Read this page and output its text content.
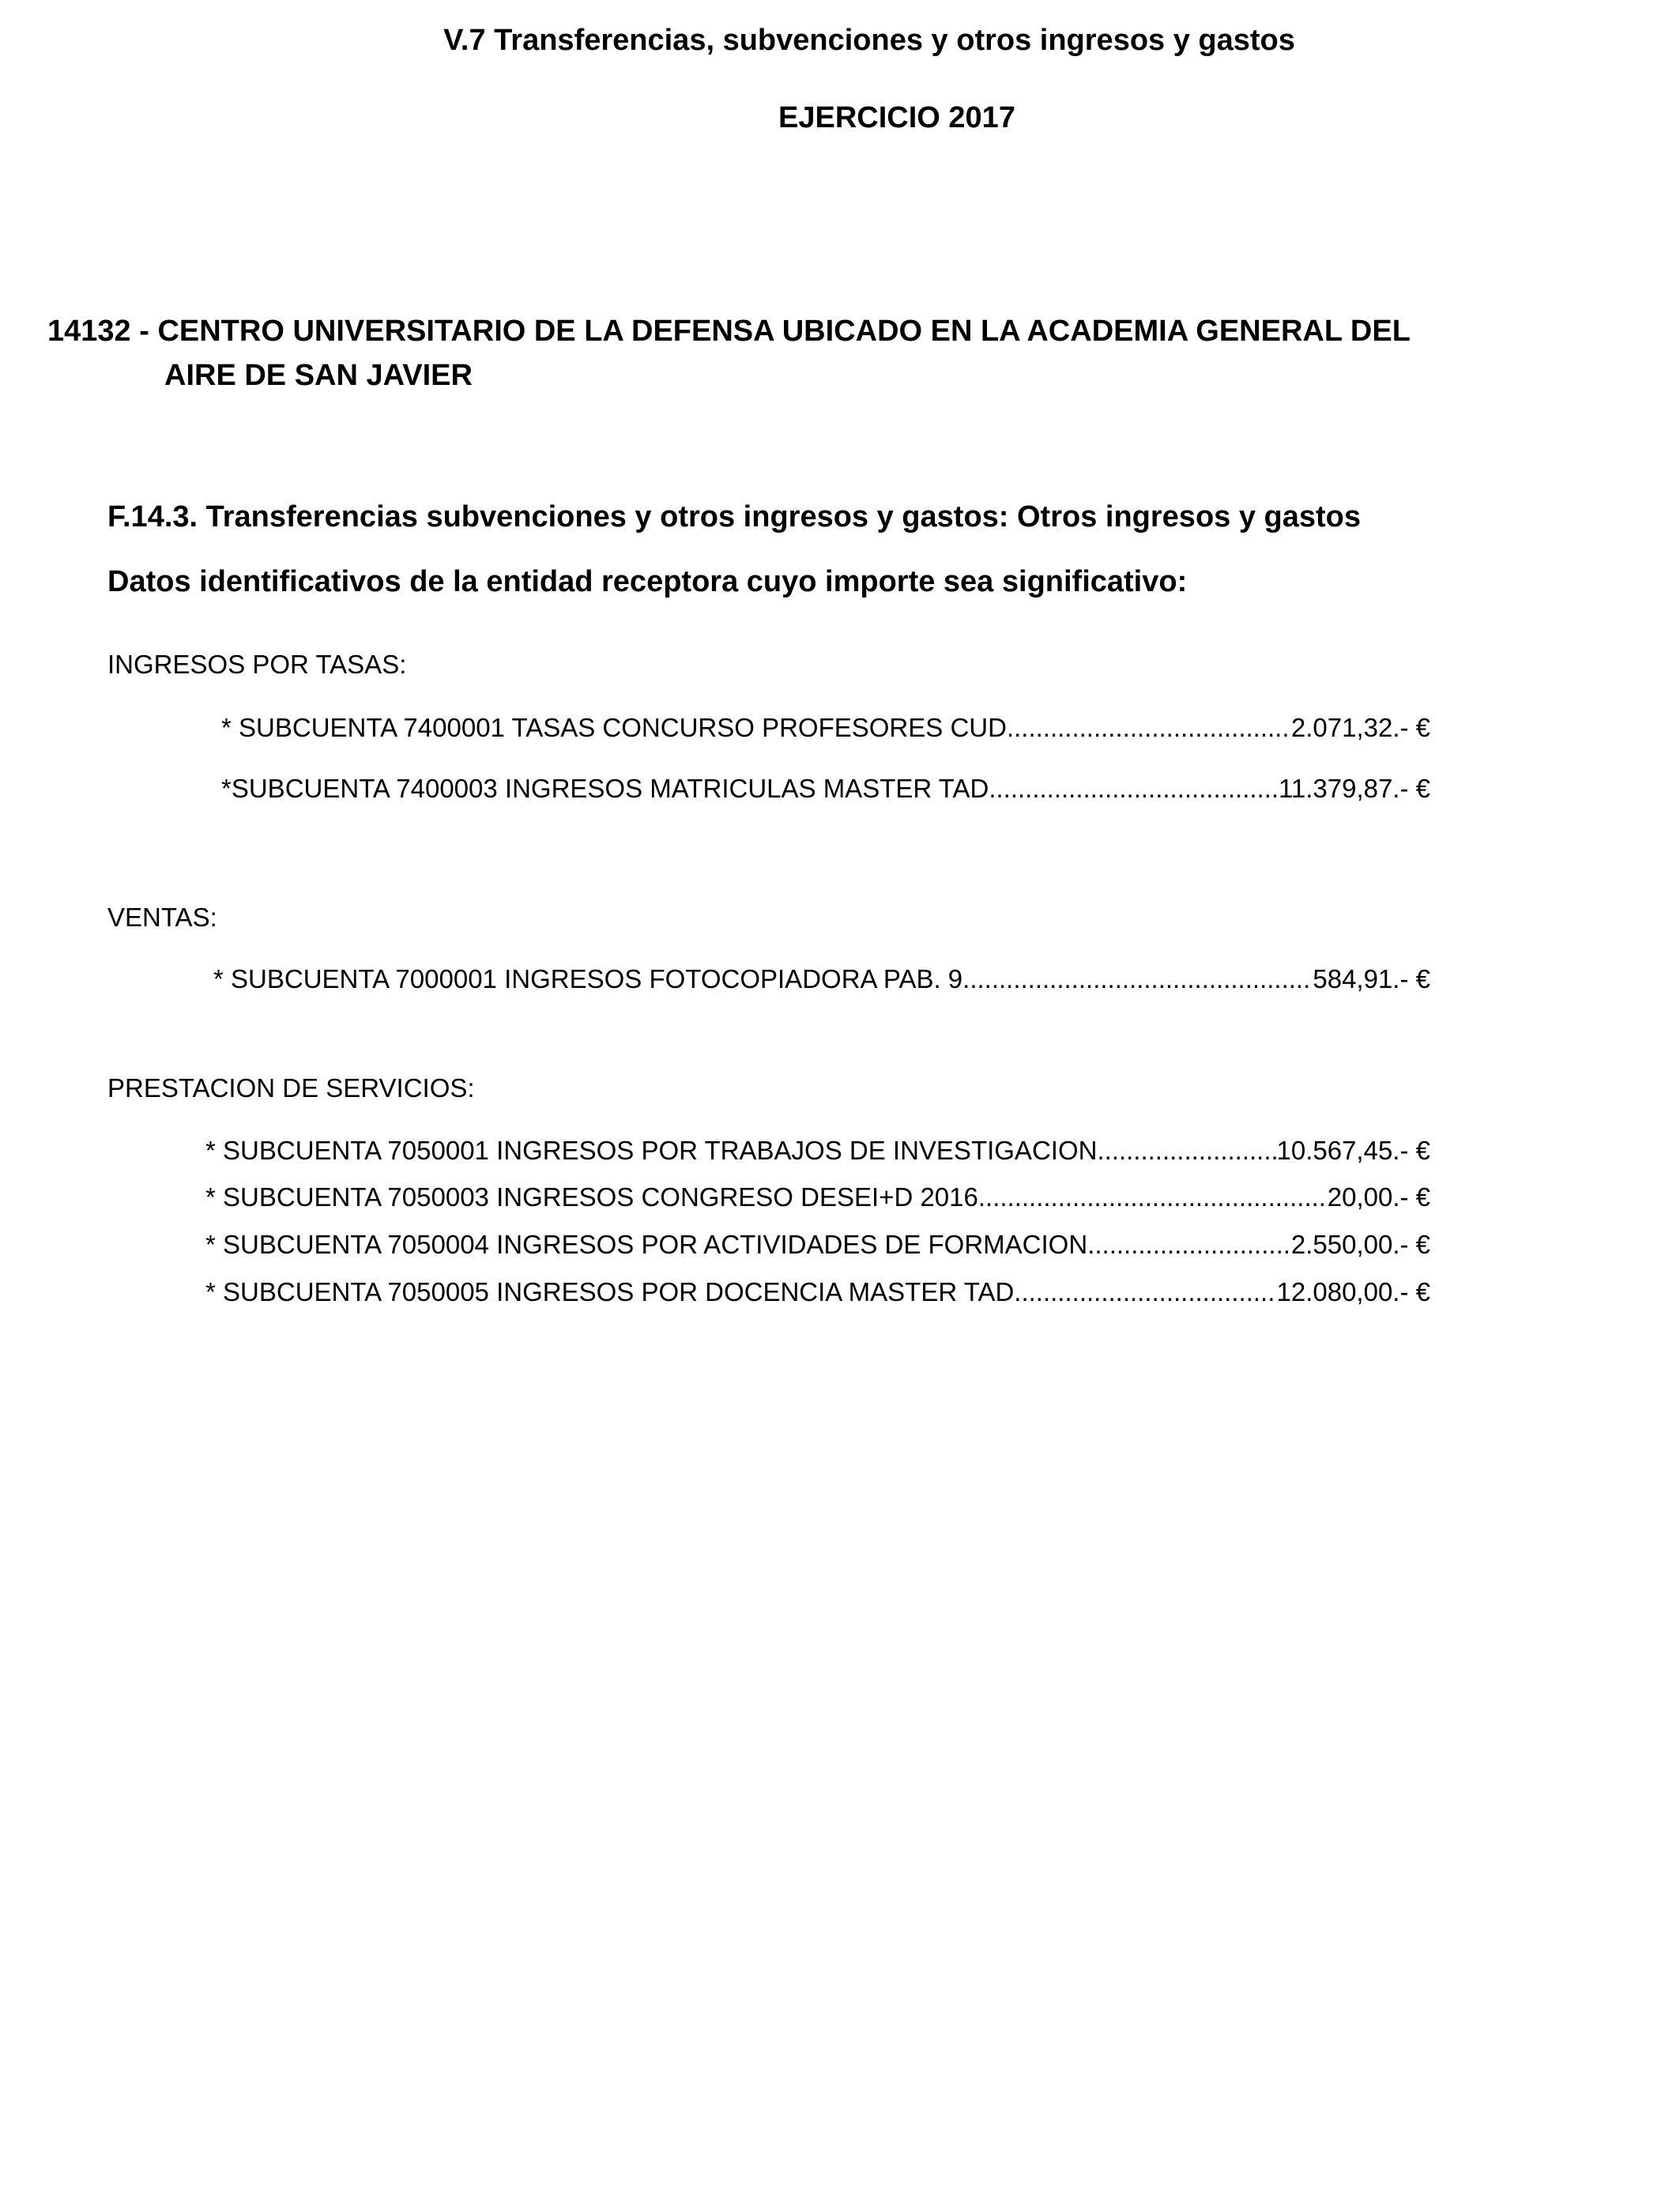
V.7 Transferencias, subvenciones y otros ingresos y gastos
EJERCICIO 2017
14132 - CENTRO UNIVERSITARIO DE LA DEFENSA UBICADO EN LA ACADEMIA GENERAL DEL
AIRE DE SAN JAVIER
F.14.3. Transferencias subvenciones y otros ingresos y gastos: Otros ingresos y gastos
Datos identificativos de la entidad receptora cuyo importe sea significativo:
INGRESOS POR TASAS:
* SUBCUENTA 7400001 TASAS CONCURSO PROFESORES CUD .....	2.071,32.- €
*SUBCUENTA 7400003 INGRESOS MATRICULAS MASTER TAD .....	11.379,87.- €
VENTAS:
* SUBCUENTA 7000001 INGRESOS FOTOCOPIADORA PAB. 9 .....	584,91.- €
PRESTACION DE SERVICIOS:
* SUBCUENTA 7050001 INGRESOS POR TRABAJOS DE INVESTIGACION .....	10.567,45.- €
* SUBCUENTA 7050003 INGRESOS CONGRESO DESEI+D 2016 .....	20,00.- €
* SUBCUENTA 7050004 INGRESOS POR ACTIVIDADES DE FORMACION .....	2.550,00.- €
* SUBCUENTA 7050005 INGRESOS POR DOCENCIA MASTER TAD .....	12.080,00.- €
